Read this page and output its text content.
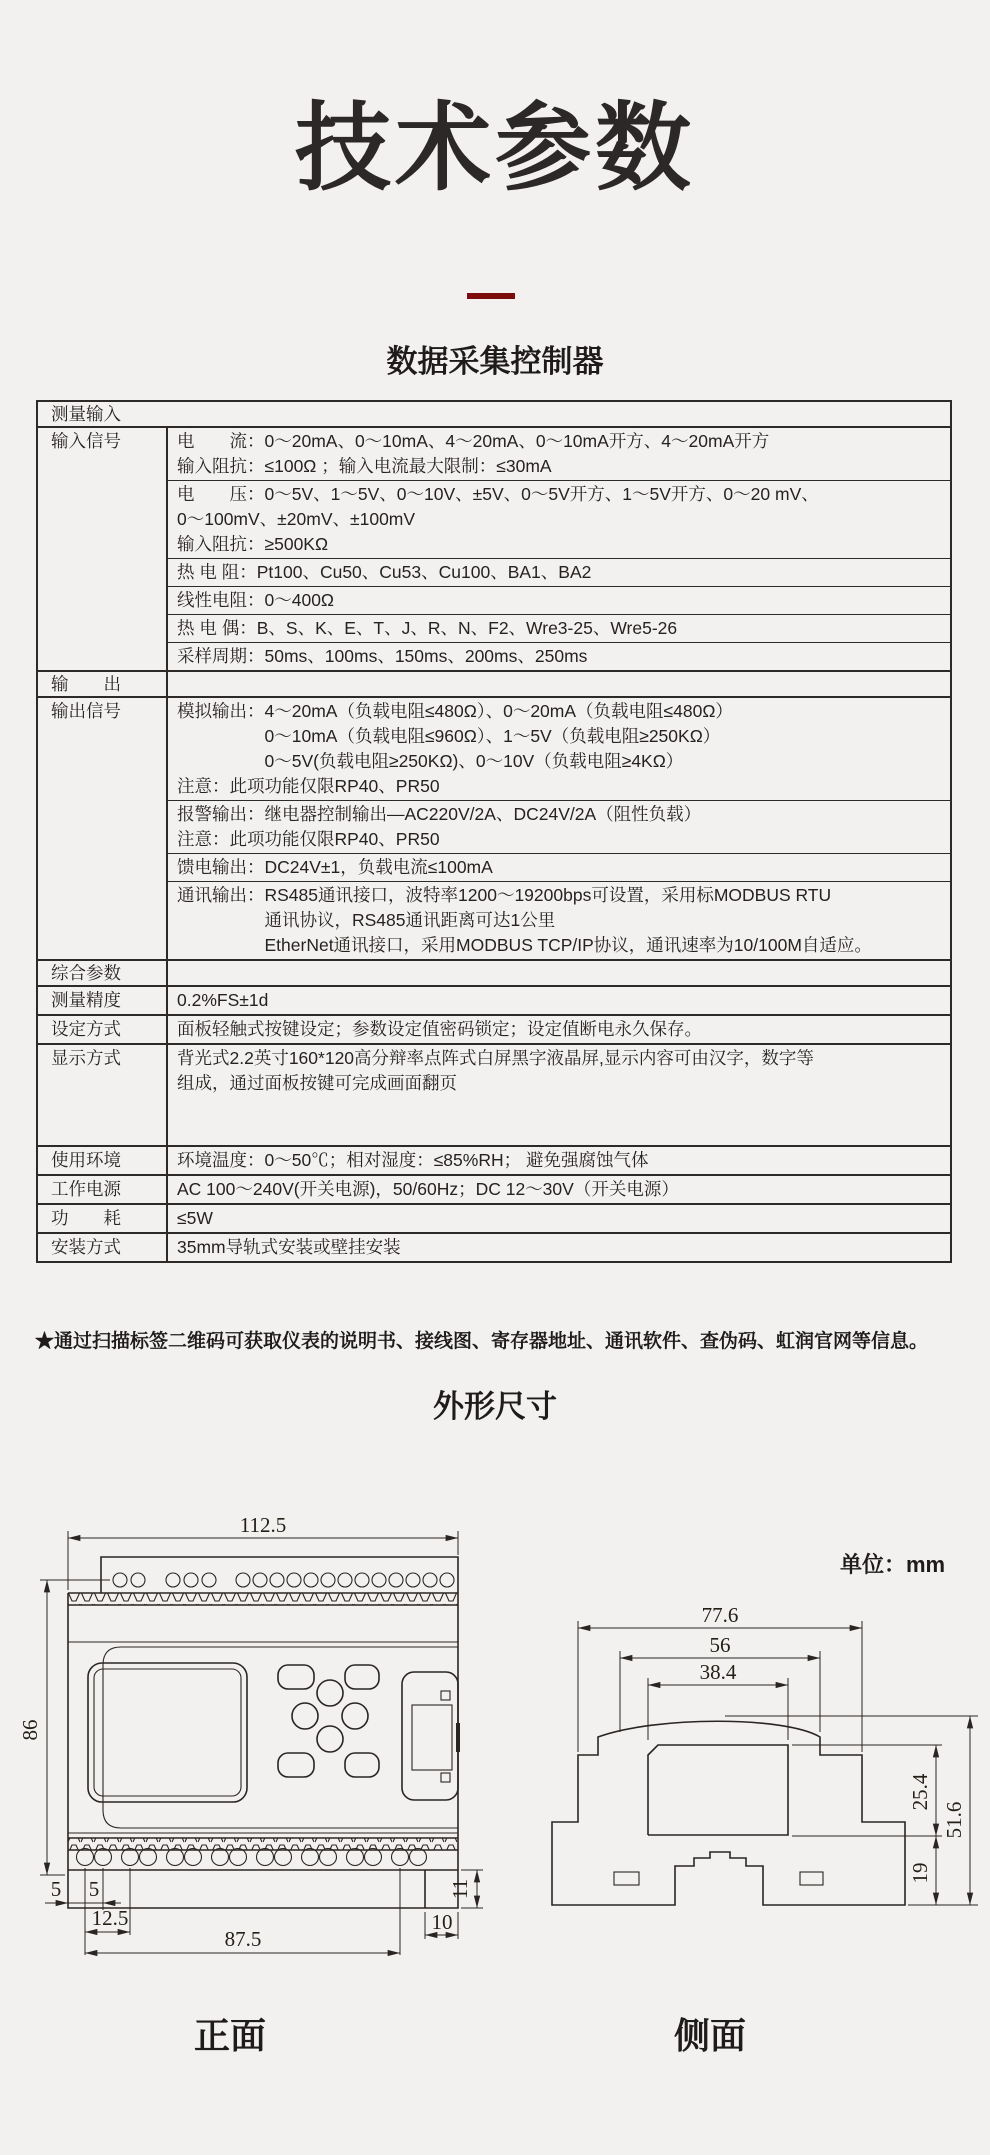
技术参数
数据采集控制器
测量输入
输入信号	电　　流：0～20mA、0～10mA、4～20mA、0～10mA开方、4～20mA开方
输入阻抗：≤100Ω ；输入电流最大限制：≤30mA
电　　压：0～5V、1～5V、0～10V、±5V、0～5V开方、1～5V开方、0～20 mV、
0～100mV、±20mV、±100mV
输入阻抗：≥500KΩ
热 电 阻：Pt100、Cu50、Cu53、Cu100、BA1、BA2
线性电阻：0～400Ω
热 电 偶：B、S、K、E、T、J、R、N、F2、Wre3-25、Wre5-26
采样周期：50ms、100ms、150ms、200ms、250ms
输　　出
输出信号	模拟输出：4～20mA（负载电阻≤480Ω）、0～20mA（负载电阻≤480Ω）
　　　　　0～10mA（负载电阻≤960Ω）、1～5V（负载电阻≥250KΩ）
　　　　　0～5V(负载电阻≥250KΩ)、0～10V（负载电阻≥4KΩ）
注意：此项功能仅限RP40、PR50
报警输出：继电器控制输出—AC220V/2A、DC24V/2A（阻性负载）
注意：此项功能仅限RP40、PR50
馈电输出：DC24V±1，负载电流≤100mA
通讯输出：RS485通讯接口，波特率1200～19200bps可设置，采用标MODBUS RTU
　　　　　通讯协议，RS485通讯距离可达1公里
　　　　　EtherNet通讯接口，采用MODBUS TCP/IP协议，通讯速率为10/100M自适应。
综合参数
测量精度	0.2%FS±1d
设定方式	面板轻触式按键设定；参数设定值密码锁定；设定值断电永久保存。
显示方式	背光式2.2英寸160*120高分辩率点阵式白屏黑字液晶屏,显示内容可由汉字，数字等
组成，通过面板按键可完成画面翻页
使用环境	环境温度：0～50℃；相对湿度：≤85%RH； 避免强腐蚀气体
工作电源	AC 100～240V(开关电源)，50/60Hz；DC 12～30V（开关电源）
功　　耗	≤5W
安装方式	35mm导轨式安装或壁挂安装
★通过扫描标签二维码可获取仪表的说明书、接线图、寄存器地址、通讯软件、查伪码、虹润官网等信息。
外形尺寸
单位：mm
112.5
86
5 5
12.5
87.5
11
10
77.6
56
38.4
25.4
19
51.6
正面	侧面
